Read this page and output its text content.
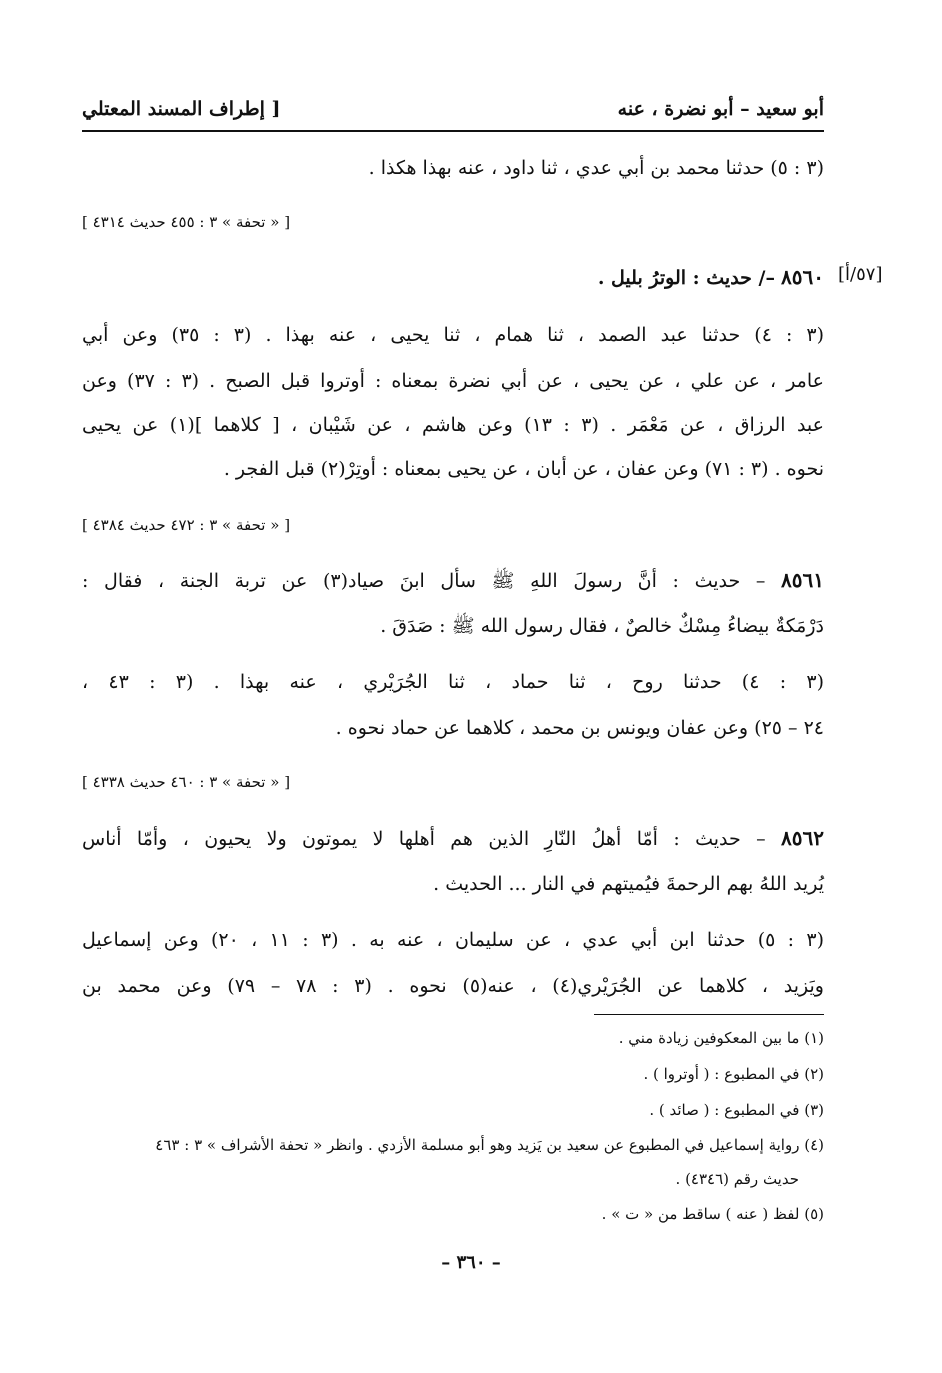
أبو سعيد – أبو نضرة ، عنه
[ إطراف المسند المعتلي
(٣ : ٥) حدثنا محمد بن أبي عدي ، ثنا داود ، عنه بهذا هكذا .
[ « تحفة » ٣ : ٤٥٥ حديث ٤٣١٤ ]
[٥٧/أ]
٨٥٦٠ –/ حديث : الوترُ بليل .
(٣ : ٤) حدثنا عبد الصمد ، ثنا همام ، ثنا يحيى ، عنه بهذا . (٣ : ٣٥) وعن أبي
عامر ، عن علي ، عن يحيى ، عن أبي نضرة بمعناه : أوتروا قبل الصبح . (٣ : ٣٧) وعن
عبد الرزاق ، عن مَعْمَر . (٣ : ١٣) وعن هاشم ، عن شَيْبان ، [ كلاهما ](١) عن يحيى
نحوه . (٣ : ٧١) وعن عفان ، عن أبان ، عن يحيى بمعناه : أوتِرْ(٢) قبل الفجر .
[ « تحفة » ٣ : ٤٧٢ حديث ٤٣٨٤ ]
٨٥٦١ – حديث : أنَّ رسولَ اللهِ ﷺ سأل ابنَ صياد(٣) عن تربة الجنة ، فقال :
دَرْمَكةٌ بيضاءُ مِسْكٌ خالصٌ ، فقال رسول الله ﷺ : صَدَقَ .
(٣ : ٤) حدثنا روح ، ثنا حماد ، ثنا الجُرَيْري ، عنه بهذا . (٣ : ٤٣ ،
٢٤ – ٢٥) وعن عفان ويونس بن محمد ، كلاهما عن حماد نحوه .
[ « تحفة » ٣ : ٤٦٠ حديث ٤٣٣٨ ]
٨٥٦٢ – حديث : أمّا أهلُ النّارِ الذين هم أهلها لا يموتون ولا يحيون ، وأمّا أناس
يُريد اللهُ بهم الرحمةَ فيُميتهم في النار ... الحديث .
(٣ : ٥) حدثنا ابن أبي عدي ، عن سليمان ، عنه به . (٣ : ١١ ، ٢٠) وعن إسماعيل
ويَزيد ، كلاهما عن الجُرَيْري(٤) ، عنه(٥) نحوه . (٣ : ٧٨ – ٧٩) وعن محمد بن
(١) ما بين المعكوفين زيادة مني .
(٢) في المطبوع : ( أوتروا ) .
(٣) في المطبوع : ( صائد ) .
(٤) رواية إسماعيل في المطبوع عن سعيد بن يَزيد وهو أبو مسلمة الأزدي . وانظر « تحفة الأشراف » ٣ : ٤٦٣
حديث رقم (٤٣٤٦) .
(٥) لفظ ( عنه ) ساقط من « ت » .
– ٣٦٠ –
